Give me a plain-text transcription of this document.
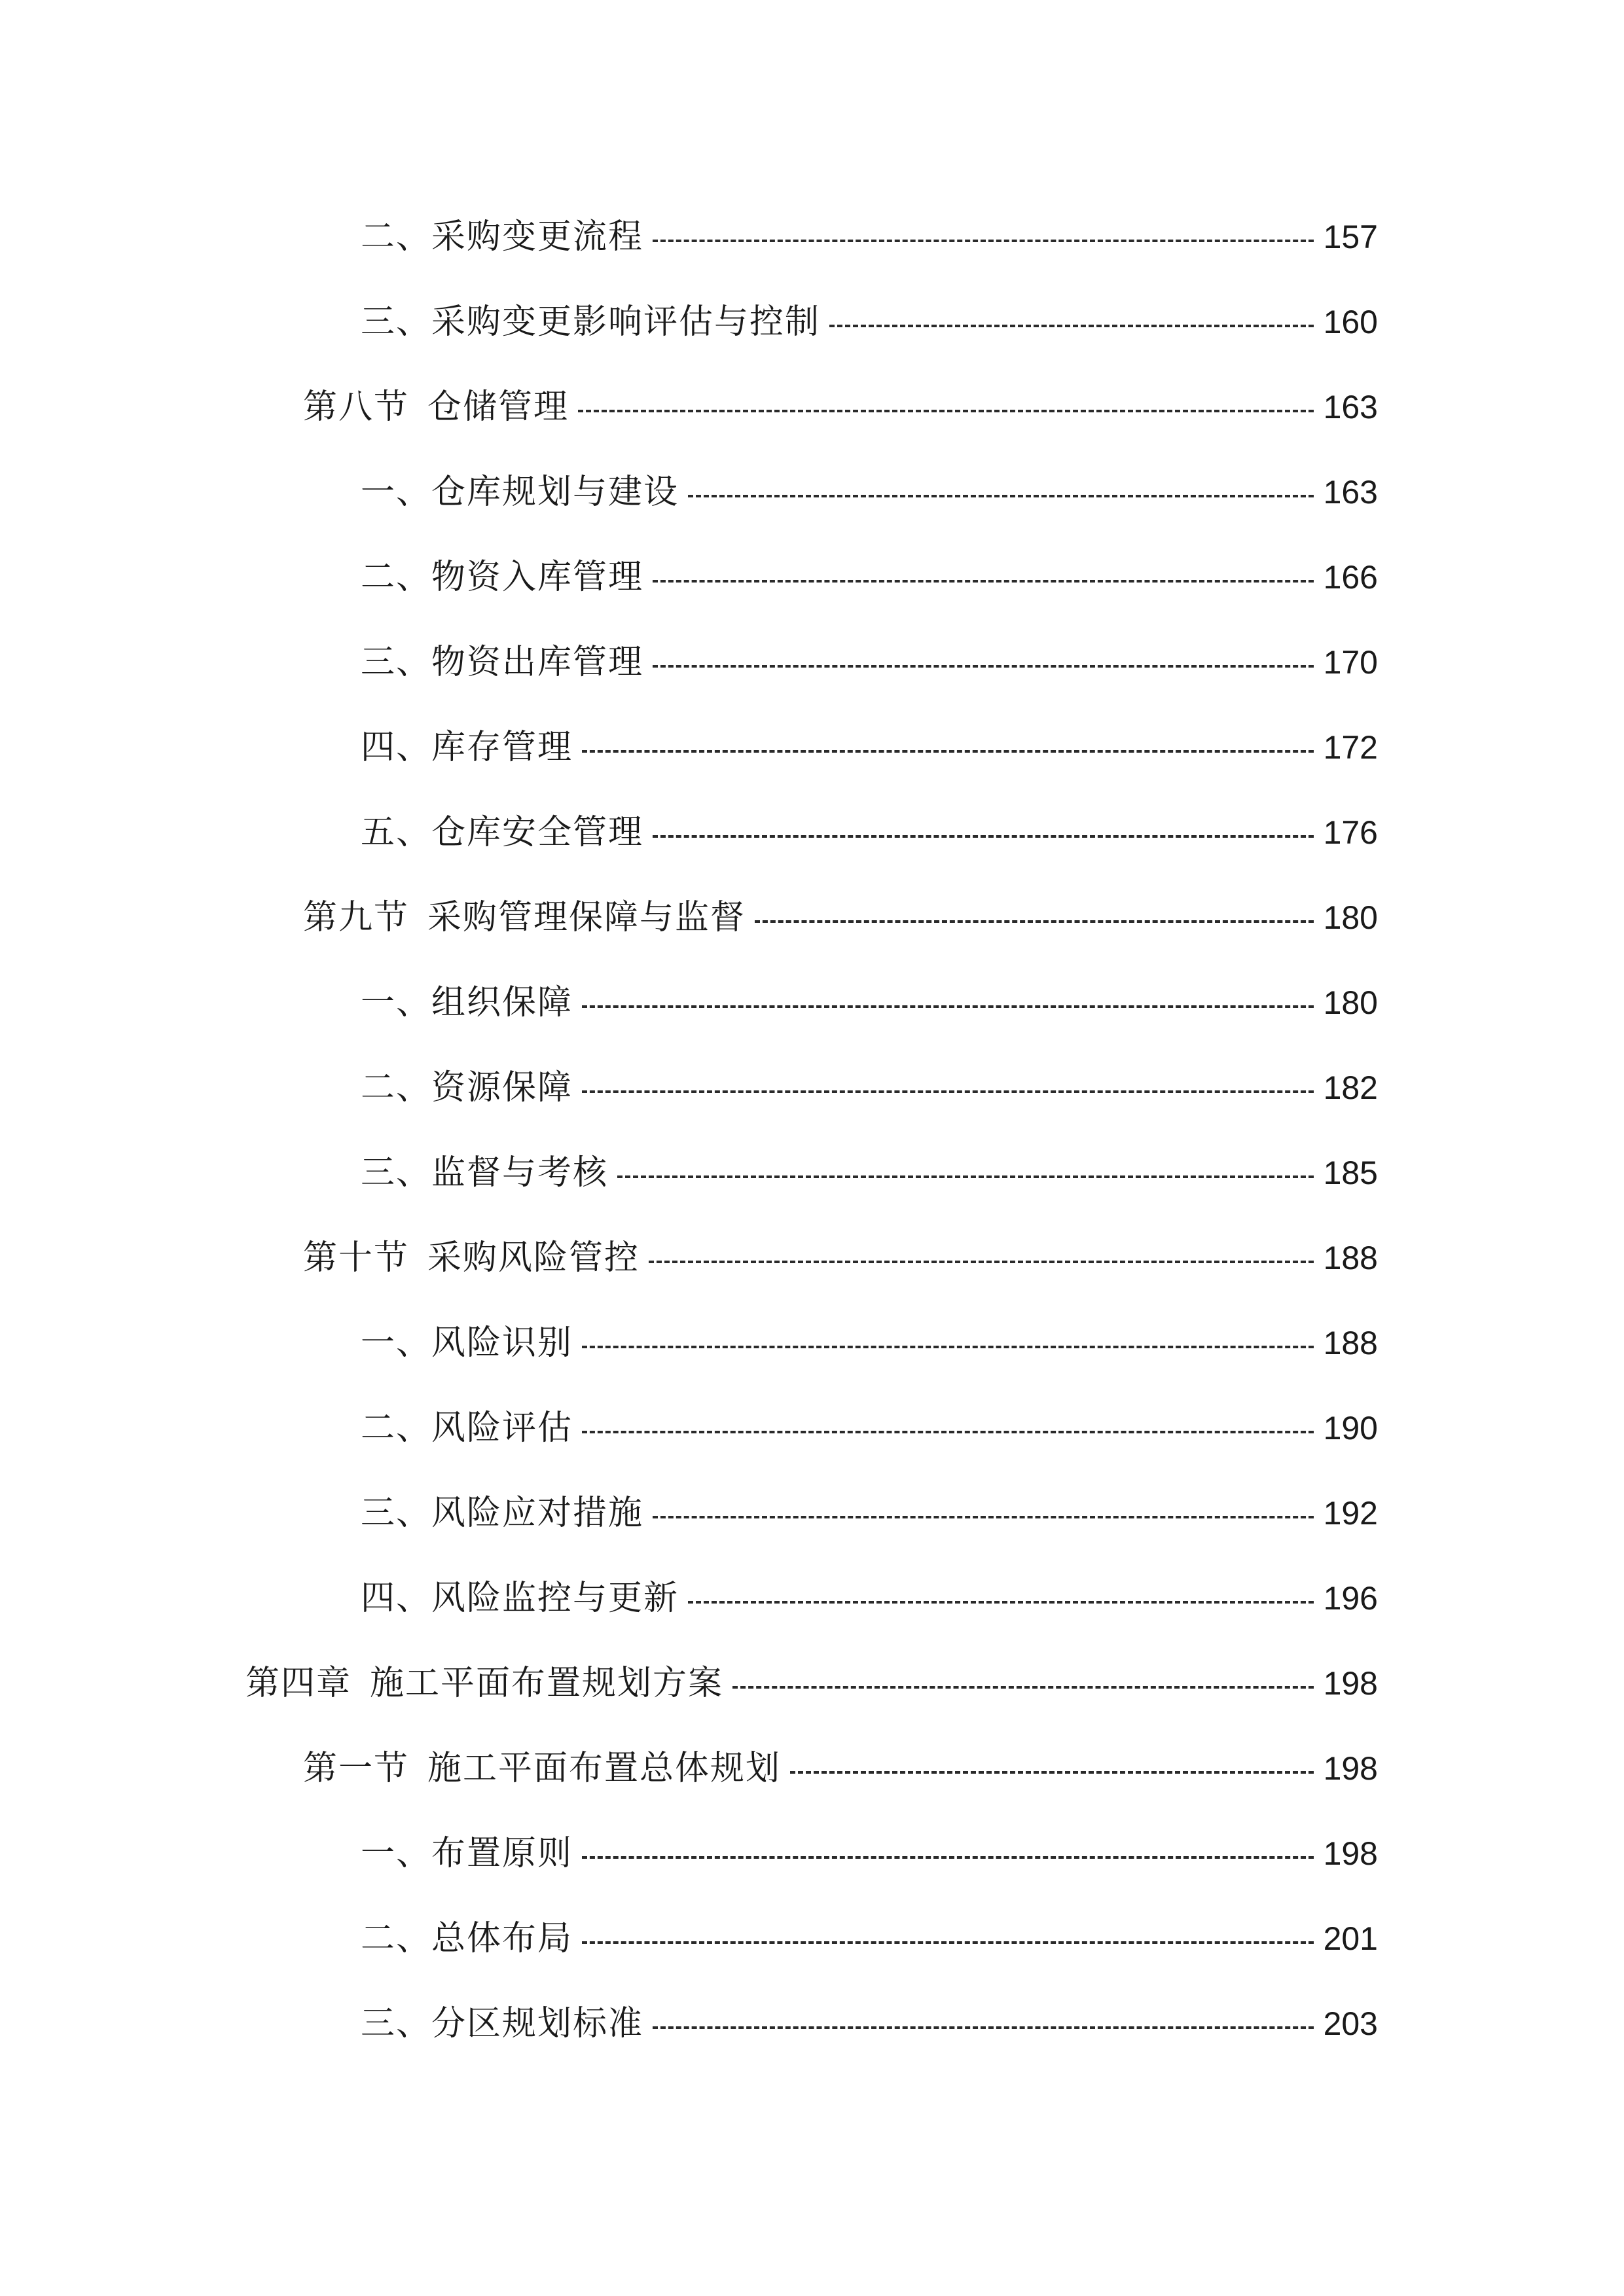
二、采购变更流程	157
三、采购变更影响评估与控制	160
第八节 仓储管理	163
一、仓库规划与建设	163
二、物资入库管理	166
三、物资出库管理	170
四、库存管理	172
五、仓库安全管理	176
第九节 采购管理保障与监督	180
一、组织保障	180
二、资源保障	182
三、监督与考核	185
第十节 采购风险管控	188
一、风险识别	188
二、风险评估	190
三、风险应对措施	192
四、风险监控与更新	196
第四章 施工平面布置规划方案	198
第一节 施工平面布置总体规划	198
一、布置原则	198
二、总体布局	201
三、分区规划标准	203
